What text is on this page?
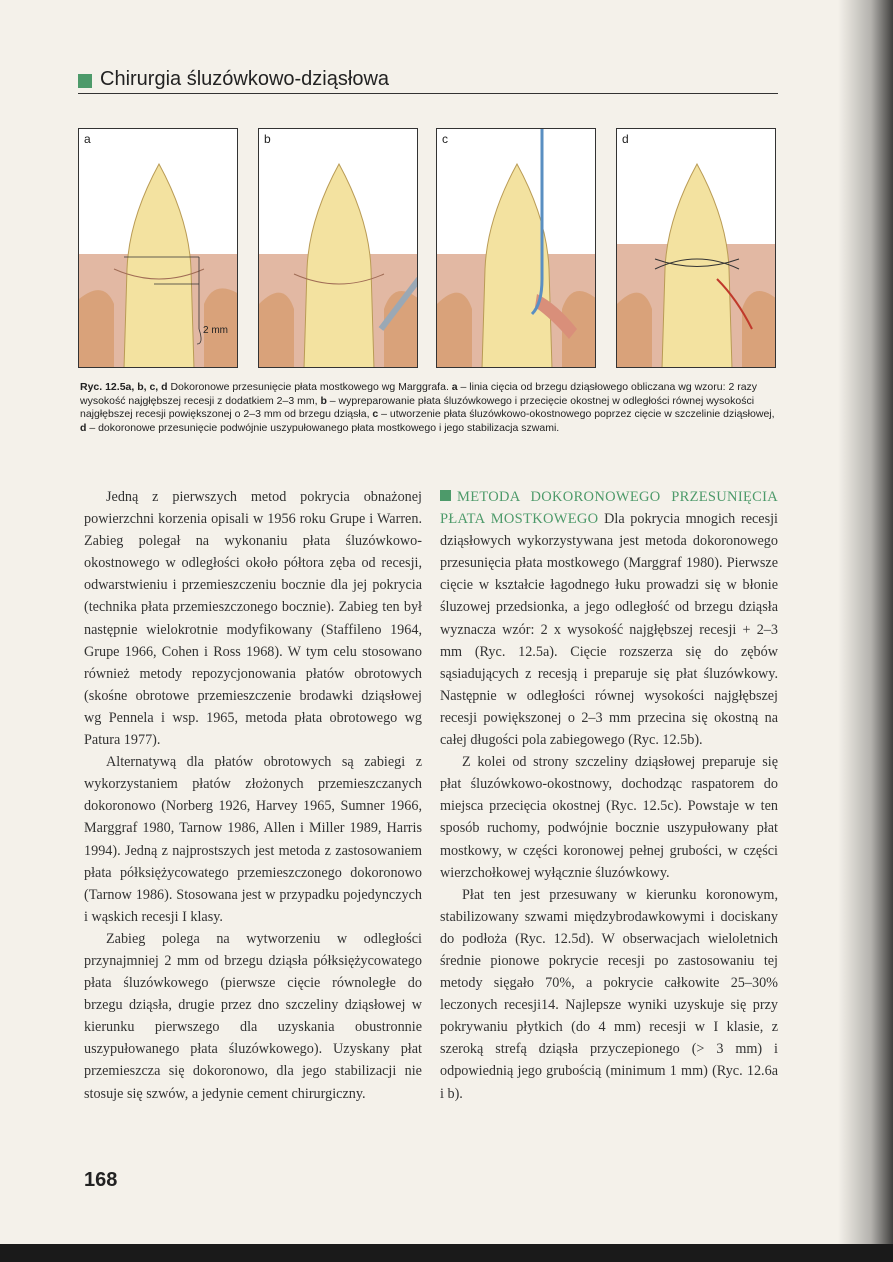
Chirurgia śluzówkowo-dziąsłowa
a
2 mm
b	c	d
Ryc. 12.5a, b, c, d Dokoronowe przesunięcie płata mostkowego wg Marggrafa. a – linia cięcia od brzegu dziąsłowego obliczana wg wzoru: 2 razy wysokość najgłębszej recesji z dodatkiem 2–3 mm, b – wypreparowanie płata śluzówkowego i przecięcie okostnej w odległości równej wysokości najgłębszej recesji powiększonej o 2–3 mm od brzegu dziąsła, c – utworzenie płata śluzówkowo-okostnowego poprzez cięcie w szczelinie dziąsłowej, d – dokoronowe przesunięcie podwójnie uszypułowanego płata mostkowego i jego stabilizacja szwami.

Jedną z pierwszych metod pokrycia obnażonej powierzchni korzenia opisali w 1956 roku Grupe i Warren. Zabieg polegał na wykonaniu płata śluzówkowo-okostnowego w odległości około półtora zęba od recesji, odwarstwieniu i przemieszczeniu bocznie dla jej pokrycia (technika płata przemieszczonego bocznie). Zabieg ten był następnie wielokrotnie modyfikowany (Staffileno 1964, Grupe 1966, Cohen i Ross 1968). W tym celu stosowano również metody repozycjonowania płatów obrotowych (skośne obrotowe przemieszczenie brodawki dziąsłowej wg Pennela i wsp. 1965, metoda płata obrotowego wg Patura 1977).

Alternatywą dla płatów obrotowych są zabiegi z wykorzystaniem płatów złożonych przemieszczanych dokoronowo (Norberg 1926, Harvey 1965, Sumner 1966, Marggraf 1980, Tarnow 1986, Allen i Miller 1989, Harris 1994). Jedną z najprostszych jest metoda z zastosowaniem płata półksiężycowatego przemieszczonego dokoronowo (Tarnow 1986). Stosowana jest w przypadku pojedynczych i wąskich recesji I klasy.

Zabieg polega na wytworzeniu w odległości przynajmniej 2 mm od brzegu dziąsła półksiężycowatego płata śluzówkowego (pierwsze cięcie równoległe do brzegu dziąsła, drugie przez dno szczeliny dziąsłowej w kierunku pierwszego dla uzyskania obustronnie uszypułowanego płata śluzówkowego). Uzyskany płat przemieszcza się dokoronowo, dla jego stabilizacji nie stosuje się szwów, a jedynie cement chirurgiczny.

METODA DOKORONOWEGO PRZESUNIĘCIA PŁATA MOSTKOWEGO Dla pokrycia mnogich recesji dziąsłowych wykorzystywana jest metoda dokoronowego przesunięcia płata mostkowego (Marggraf 1980). Pierwsze cięcie w kształcie łagodnego łuku prowadzi się w błonie śluzowej przedsionka, a jego odległość od brzegu dziąsła wyznacza wzór: 2 x wysokość najgłębszej recesji + 2–3 mm (Ryc. 12.5a). Cięcie rozszerza się do zębów sąsiadujących z recesją i preparuje się płat śluzówkowy. Następnie w odległości równej wysokości najgłębszej recesji powiększonej o 2–3 mm przecina się okostną na całej długości pola zabiegowego (Ryc. 12.5b).

Z kolei od strony szczeliny dziąsłowej preparuje się płat śluzówkowo-okostnowy, dochodząc raspatorem do miejsca przecięcia okostnej (Ryc. 12.5c). Powstaje w ten sposób ruchomy, podwójnie bocznie uszypułowany płat mostkowy, w części koronowej pełnej grubości, w części wierzchołkowej wyłącznie śluzówkowy.

Płat ten jest przesuwany w kierunku koronowym, stabilizowany szwami międzybrodawkowymi i dociskany do podłoża (Ryc. 12.5d). W obserwacjach wieloletnich średnie pionowe pokrycie recesji po zastosowaniu tej metody sięgało 70%, a pokrycie całkowite 25–30% leczonych recesji14. Najlepsze wyniki uzyskuje się przy pokrywaniu płytkich (do 4 mm) recesji w I klasie, z szeroką strefą dziąsła przyczepionego (> 3 mm) i odpowiednią jego grubością (minimum 1 mm) (Ryc. 12.6a i b).

168
